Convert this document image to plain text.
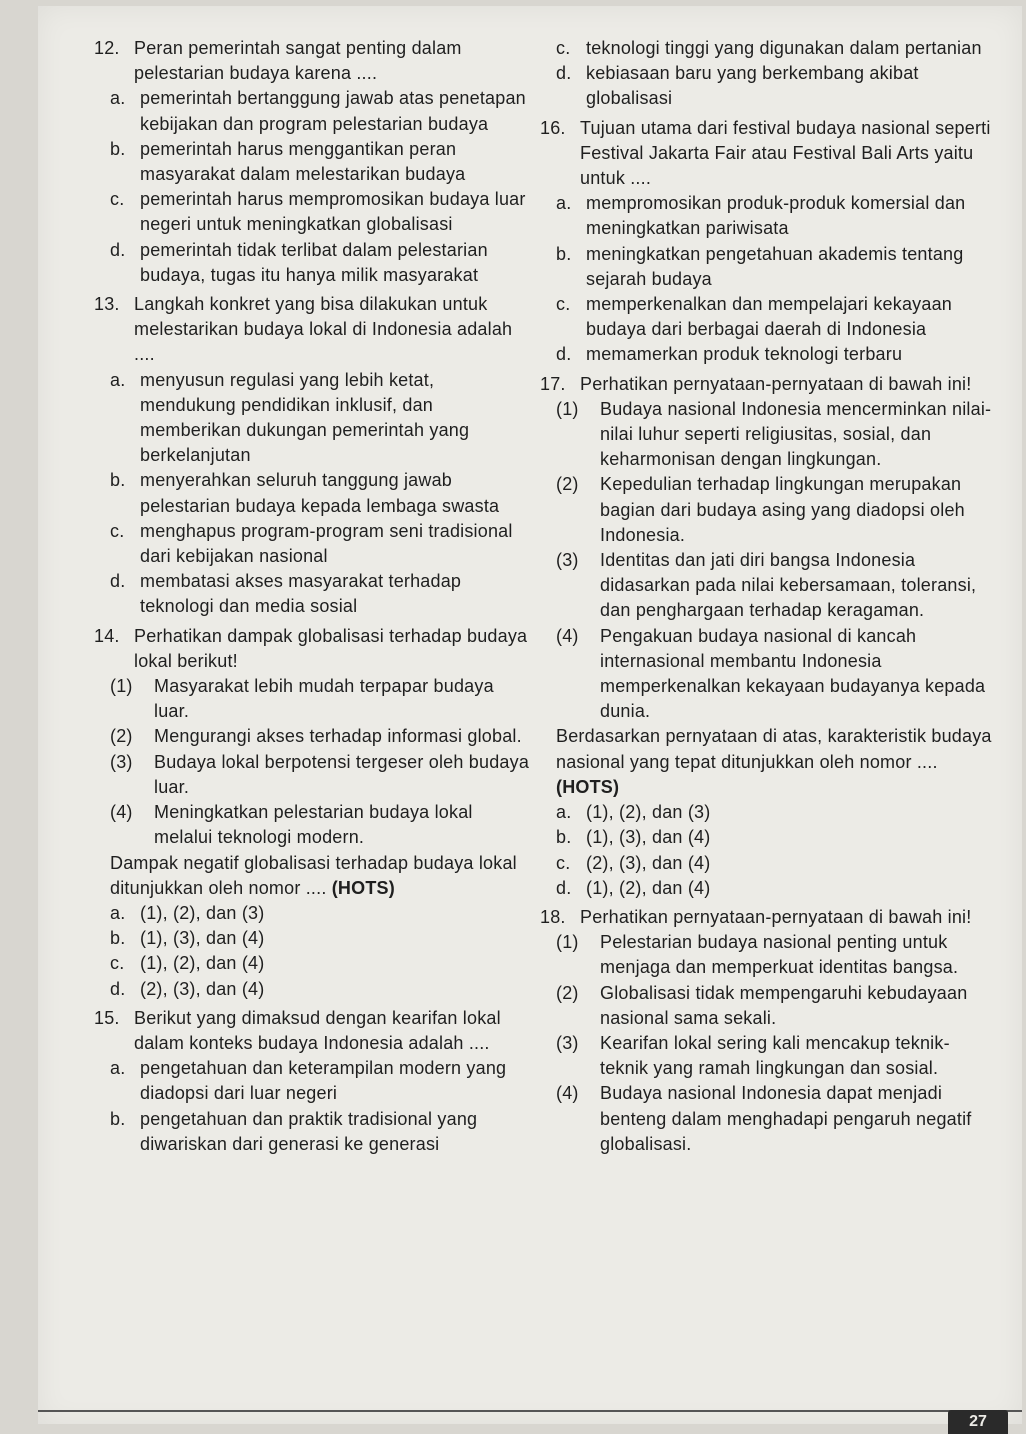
12. Peran pemerintah sangat penting dalam pelestarian budaya karena ....

a. pemerintah bertanggung jawab atas penetapan kebijakan dan program pelestarian budaya

b. pemerintah harus menggantikan peran masyarakat dalam melestarikan budaya

c. pemerintah harus mempromosikan budaya luar negeri untuk meningkatkan globalisasi

d. pemerintah tidak terlibat dalam pelestarian budaya, tugas itu hanya milik masyarakat

13. Langkah konkret yang bisa dilakukan untuk melestarikan budaya lokal di Indonesia adalah ....

a. menyusun regulasi yang lebih ketat, mendukung pendidikan inklusif, dan memberikan dukungan pemerintah yang berkelanjutan

b. menyerahkan seluruh tanggung jawab pelestarian budaya kepada lembaga swasta

c. menghapus program-program seni tradisional dari kebijakan nasional

d. membatasi akses masyarakat terhadap teknologi dan media sosial

14. Perhatikan dampak globalisasi terhadap budaya lokal berikut!

(1) Masyarakat lebih mudah terpapar budaya luar.

(2) Mengurangi akses terhadap informasi global.

(3) Budaya lokal berpotensi tergeser oleh budaya luar.

(4) Meningkatkan pelestarian budaya lokal melalui teknologi modern.

Dampak negatif globalisasi terhadap budaya lokal ditunjukkan oleh nomor .... (HOTS)

a. (1), (2), dan (3)

b. (1), (3), dan (4)

c. (1), (2), dan (4)

d. (2), (3), dan (4)

15. Berikut yang dimaksud dengan kearifan lokal dalam konteks budaya Indonesia adalah ....

a. pengetahuan dan keterampilan modern yang diadopsi dari luar negeri

b. pengetahuan dan praktik tradisional yang diwariskan dari generasi ke generasi

c. teknologi tinggi yang digunakan dalam pertanian

d. kebiasaan baru yang berkembang akibat globalisasi

16. Tujuan utama dari festival budaya nasional seperti Festival Jakarta Fair atau Festival Bali Arts yaitu untuk ....

a. mempromosikan produk-produk komersial dan meningkatkan pariwisata

b. meningkatkan pengetahuan akademis tentang sejarah budaya

c. memperkenalkan dan mempelajari kekayaan budaya dari berbagai daerah di Indonesia

d. memamerkan produk teknologi terbaru

17. Perhatikan pernyataan-pernyataan di bawah ini!

(1) Budaya nasional Indonesia mencerminkan nilai-nilai luhur seperti religiusitas, sosial, dan keharmonisan dengan lingkungan.

(2) Kepedulian terhadap lingkungan merupakan bagian dari budaya asing yang diadopsi oleh Indonesia.

(3) Identitas dan jati diri bangsa Indonesia didasarkan pada nilai kebersamaan, toleransi, dan penghargaan terhadap keragaman.

(4) Pengakuan budaya nasional di kancah internasional membantu Indonesia memperkenalkan kekayaan budayanya kepada dunia.

Berdasarkan pernyataan di atas, karakteristik budaya nasional yang tepat ditunjukkan oleh nomor .... (HOTS)

a. (1), (2), dan (3)

b. (1), (3), dan (4)

c. (2), (3), dan (4)

d. (1), (2), dan (4)

18. Perhatikan pernyataan-pernyataan di bawah ini!

(1) Pelestarian budaya nasional penting untuk menjaga dan memperkuat identitas bangsa.

(2) Globalisasi tidak mempengaruhi kebudayaan nasional sama sekali.

(3) Kearifan lokal sering kali mencakup teknik-teknik yang ramah lingkungan dan sosial.

(4) Budaya nasional Indonesia dapat menjadi benteng dalam menghadapi pengaruh negatif globalisasi.

27
